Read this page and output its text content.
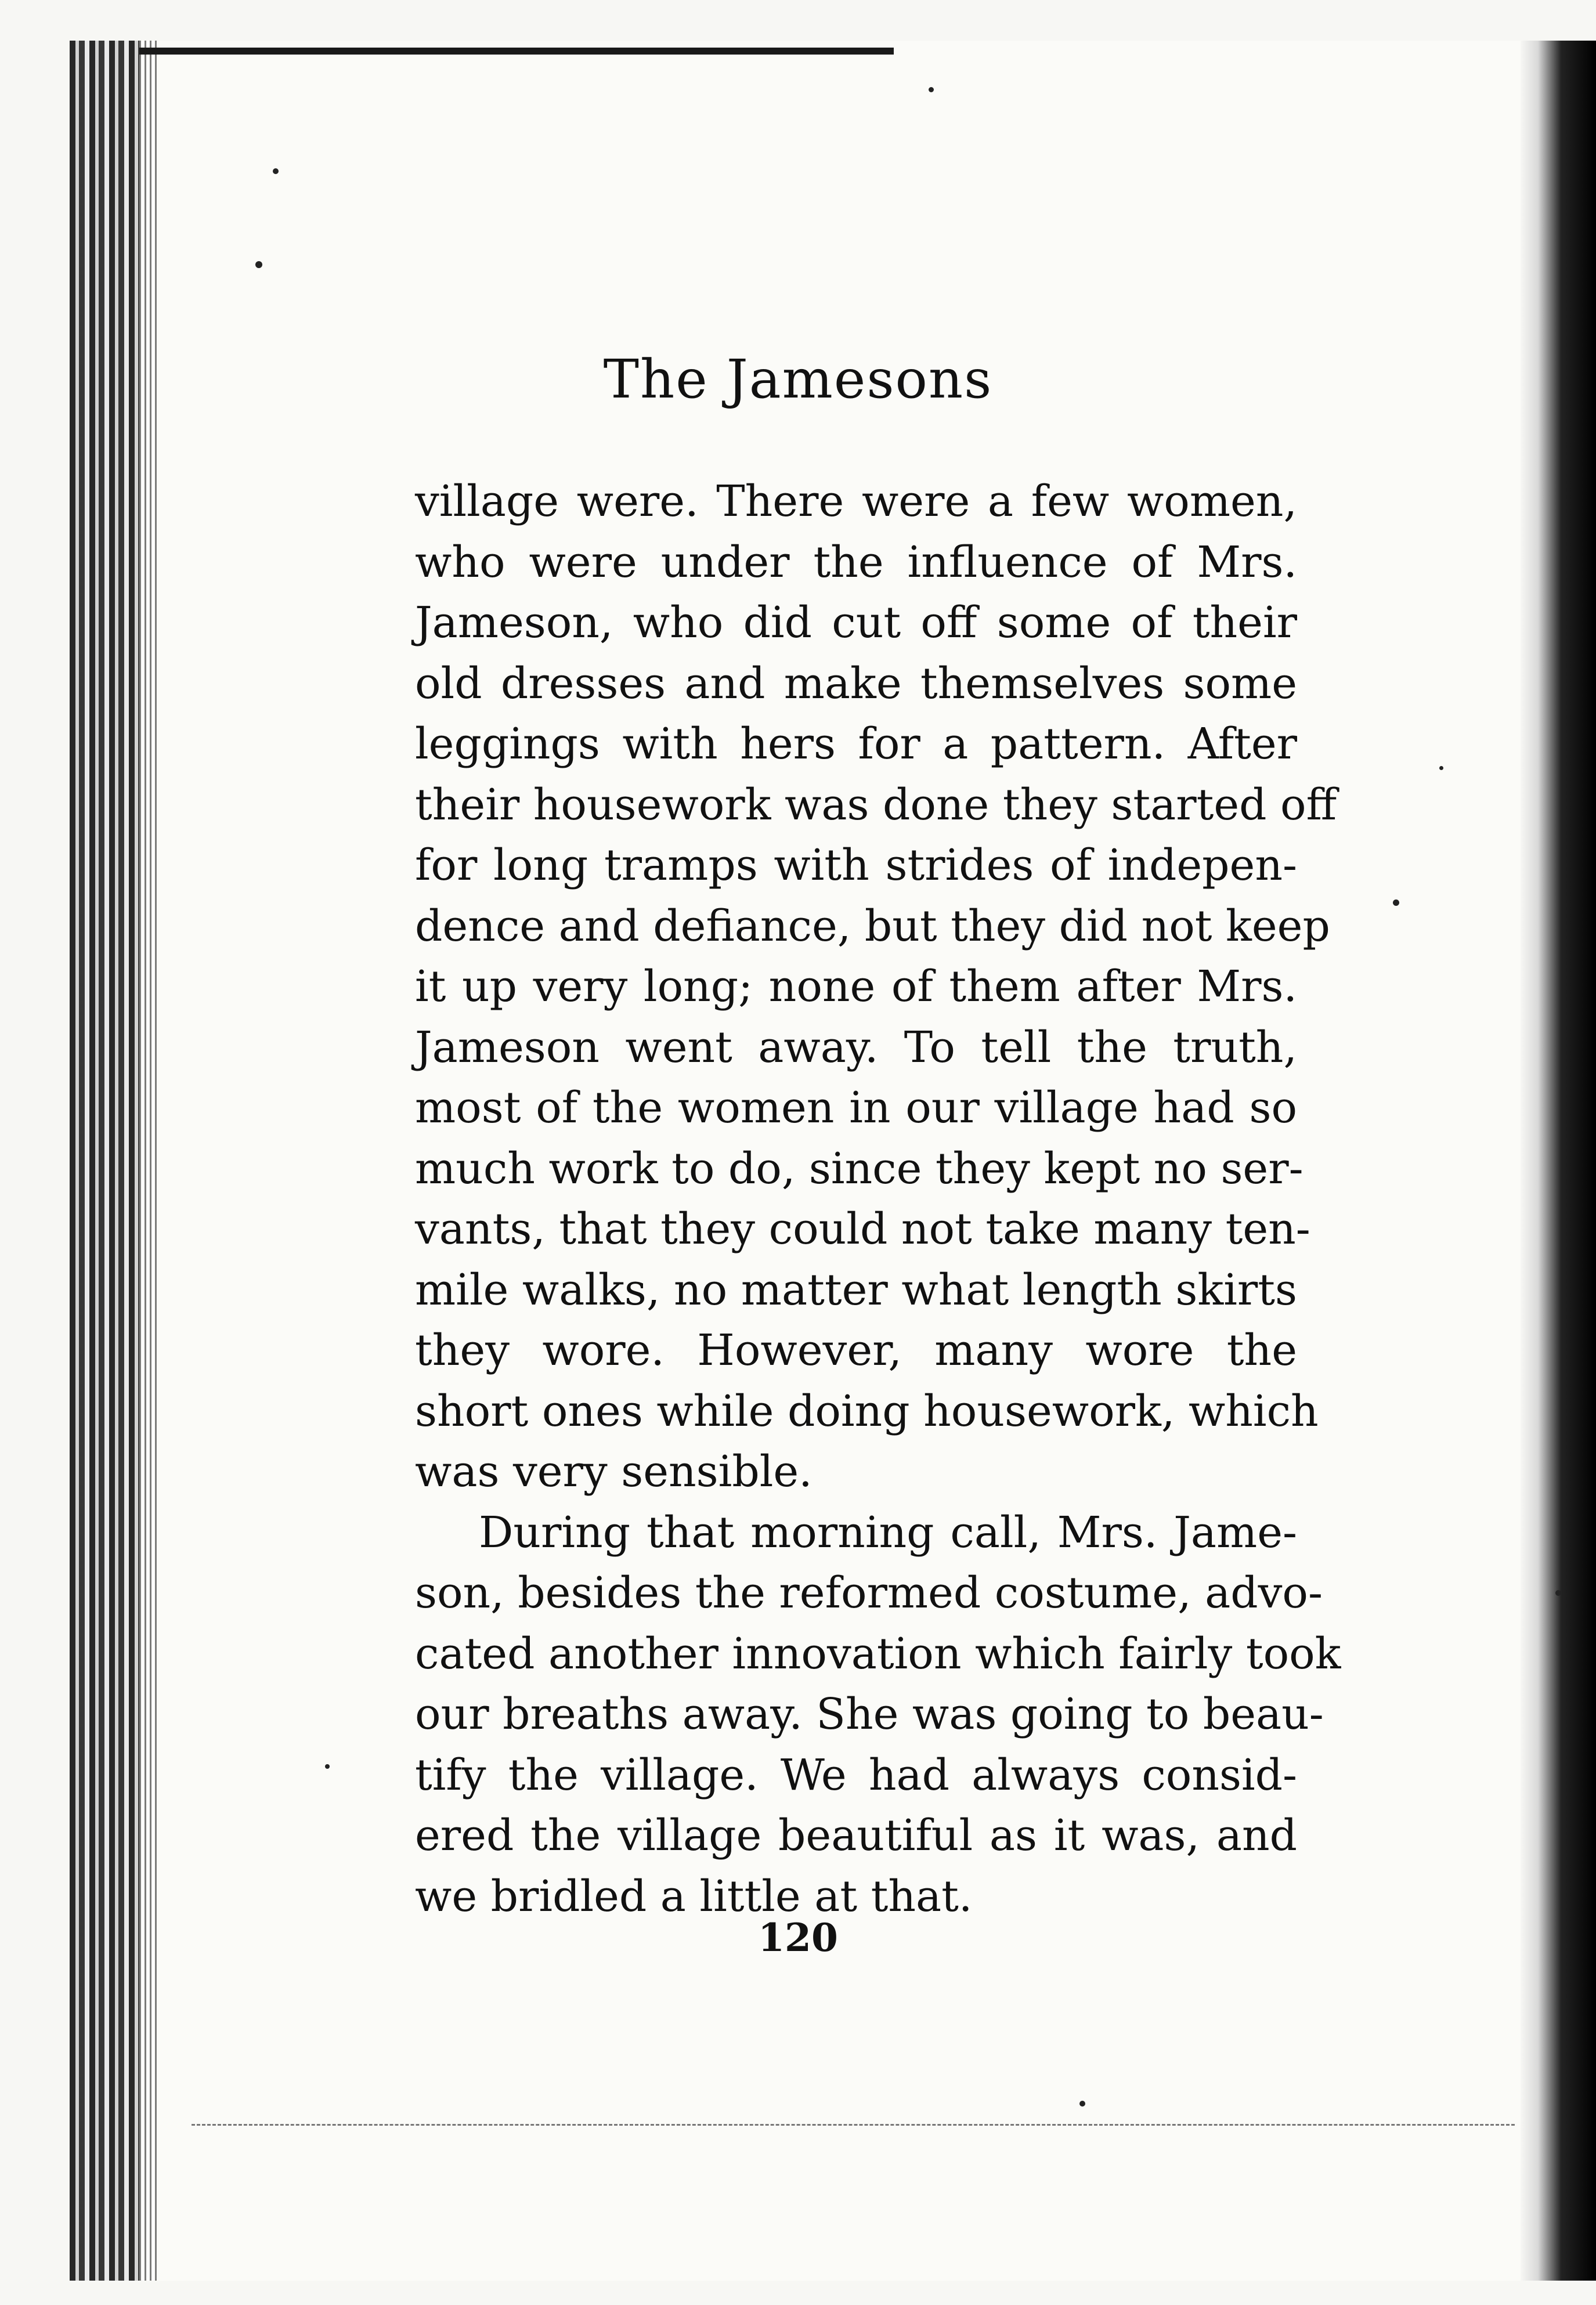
The Jamesons
village were. There were a few women,
who were under the influence of Mrs.
Jameson, who did cut off some of their
old dresses and make themselves some
leggings with hers for a pattern. After
their housework was done they started off
for long tramps with strides of indepen-
dence and defiance, but they did not keep
it up very long; none of them after Mrs.
Jameson went away. To tell the truth,
most of the women in our village had so
much work to do, since they kept no ser-
vants, that they could not take many ten-
mile walks, no matter what length skirts
they wore. However, many wore the
short ones while doing housework, which
was very sensible.
During that morning call, Mrs. Jame-
son, besides the reformed costume, advo-
cated another innovation which fairly took
our breaths away. She was going to beau-
tify the village. We had always consid-
ered the village beautiful as it was, and
we bridled a little at that.
120
